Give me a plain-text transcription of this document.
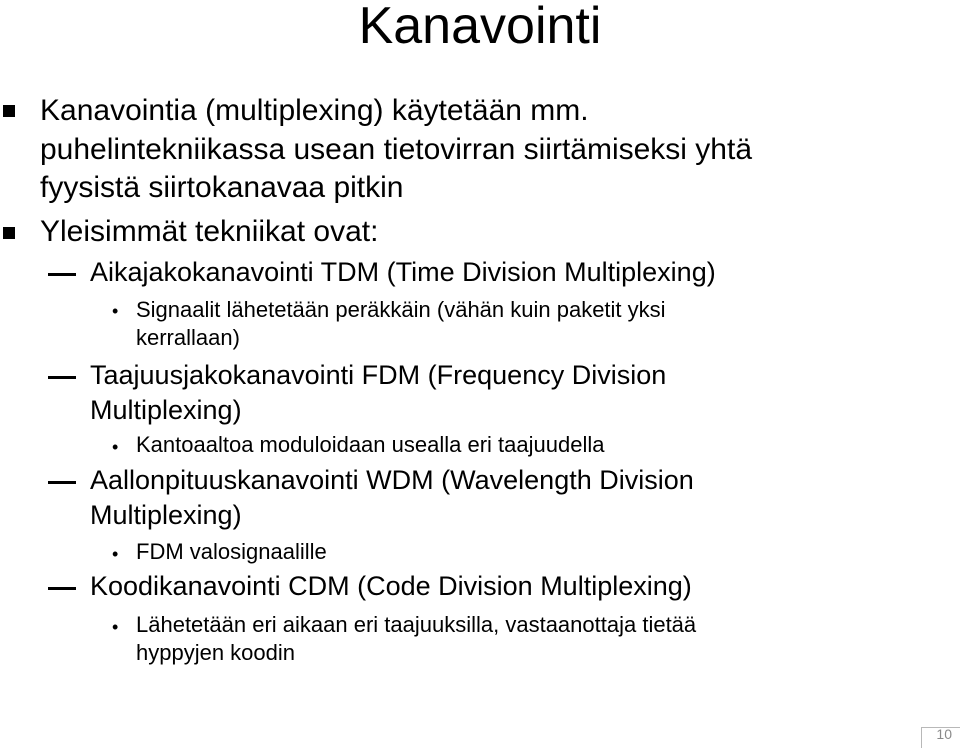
Kanavointi
Kanavointia (multiplexing) käytetään mm.
puhelintekniikassa usean tietovirran siirtämiseksi yhtä
fyysistä siirtokanavaa pitkin
Yleisimmät tekniikat ovat:
Aikajakokanavointi TDM (Time Division Multiplexing)
• Signaalit lähetetään peräkkäin (vähän kuin paketit yksi
kerrallaan)
Taajuusjakokanavointi FDM (Frequency Division
Multiplexing)
• Kantoaaltoa moduloidaan usealla eri taajuudella
Aallonpituuskanavointi WDM (Wavelength Division
Multiplexing)
• FDM valosignaalille
Koodikanavointi CDM (Code Division Multiplexing)
• Lähetetään eri aikaan eri taajuuksilla, vastaanottaja tietää
hyppyjen koodin
10
